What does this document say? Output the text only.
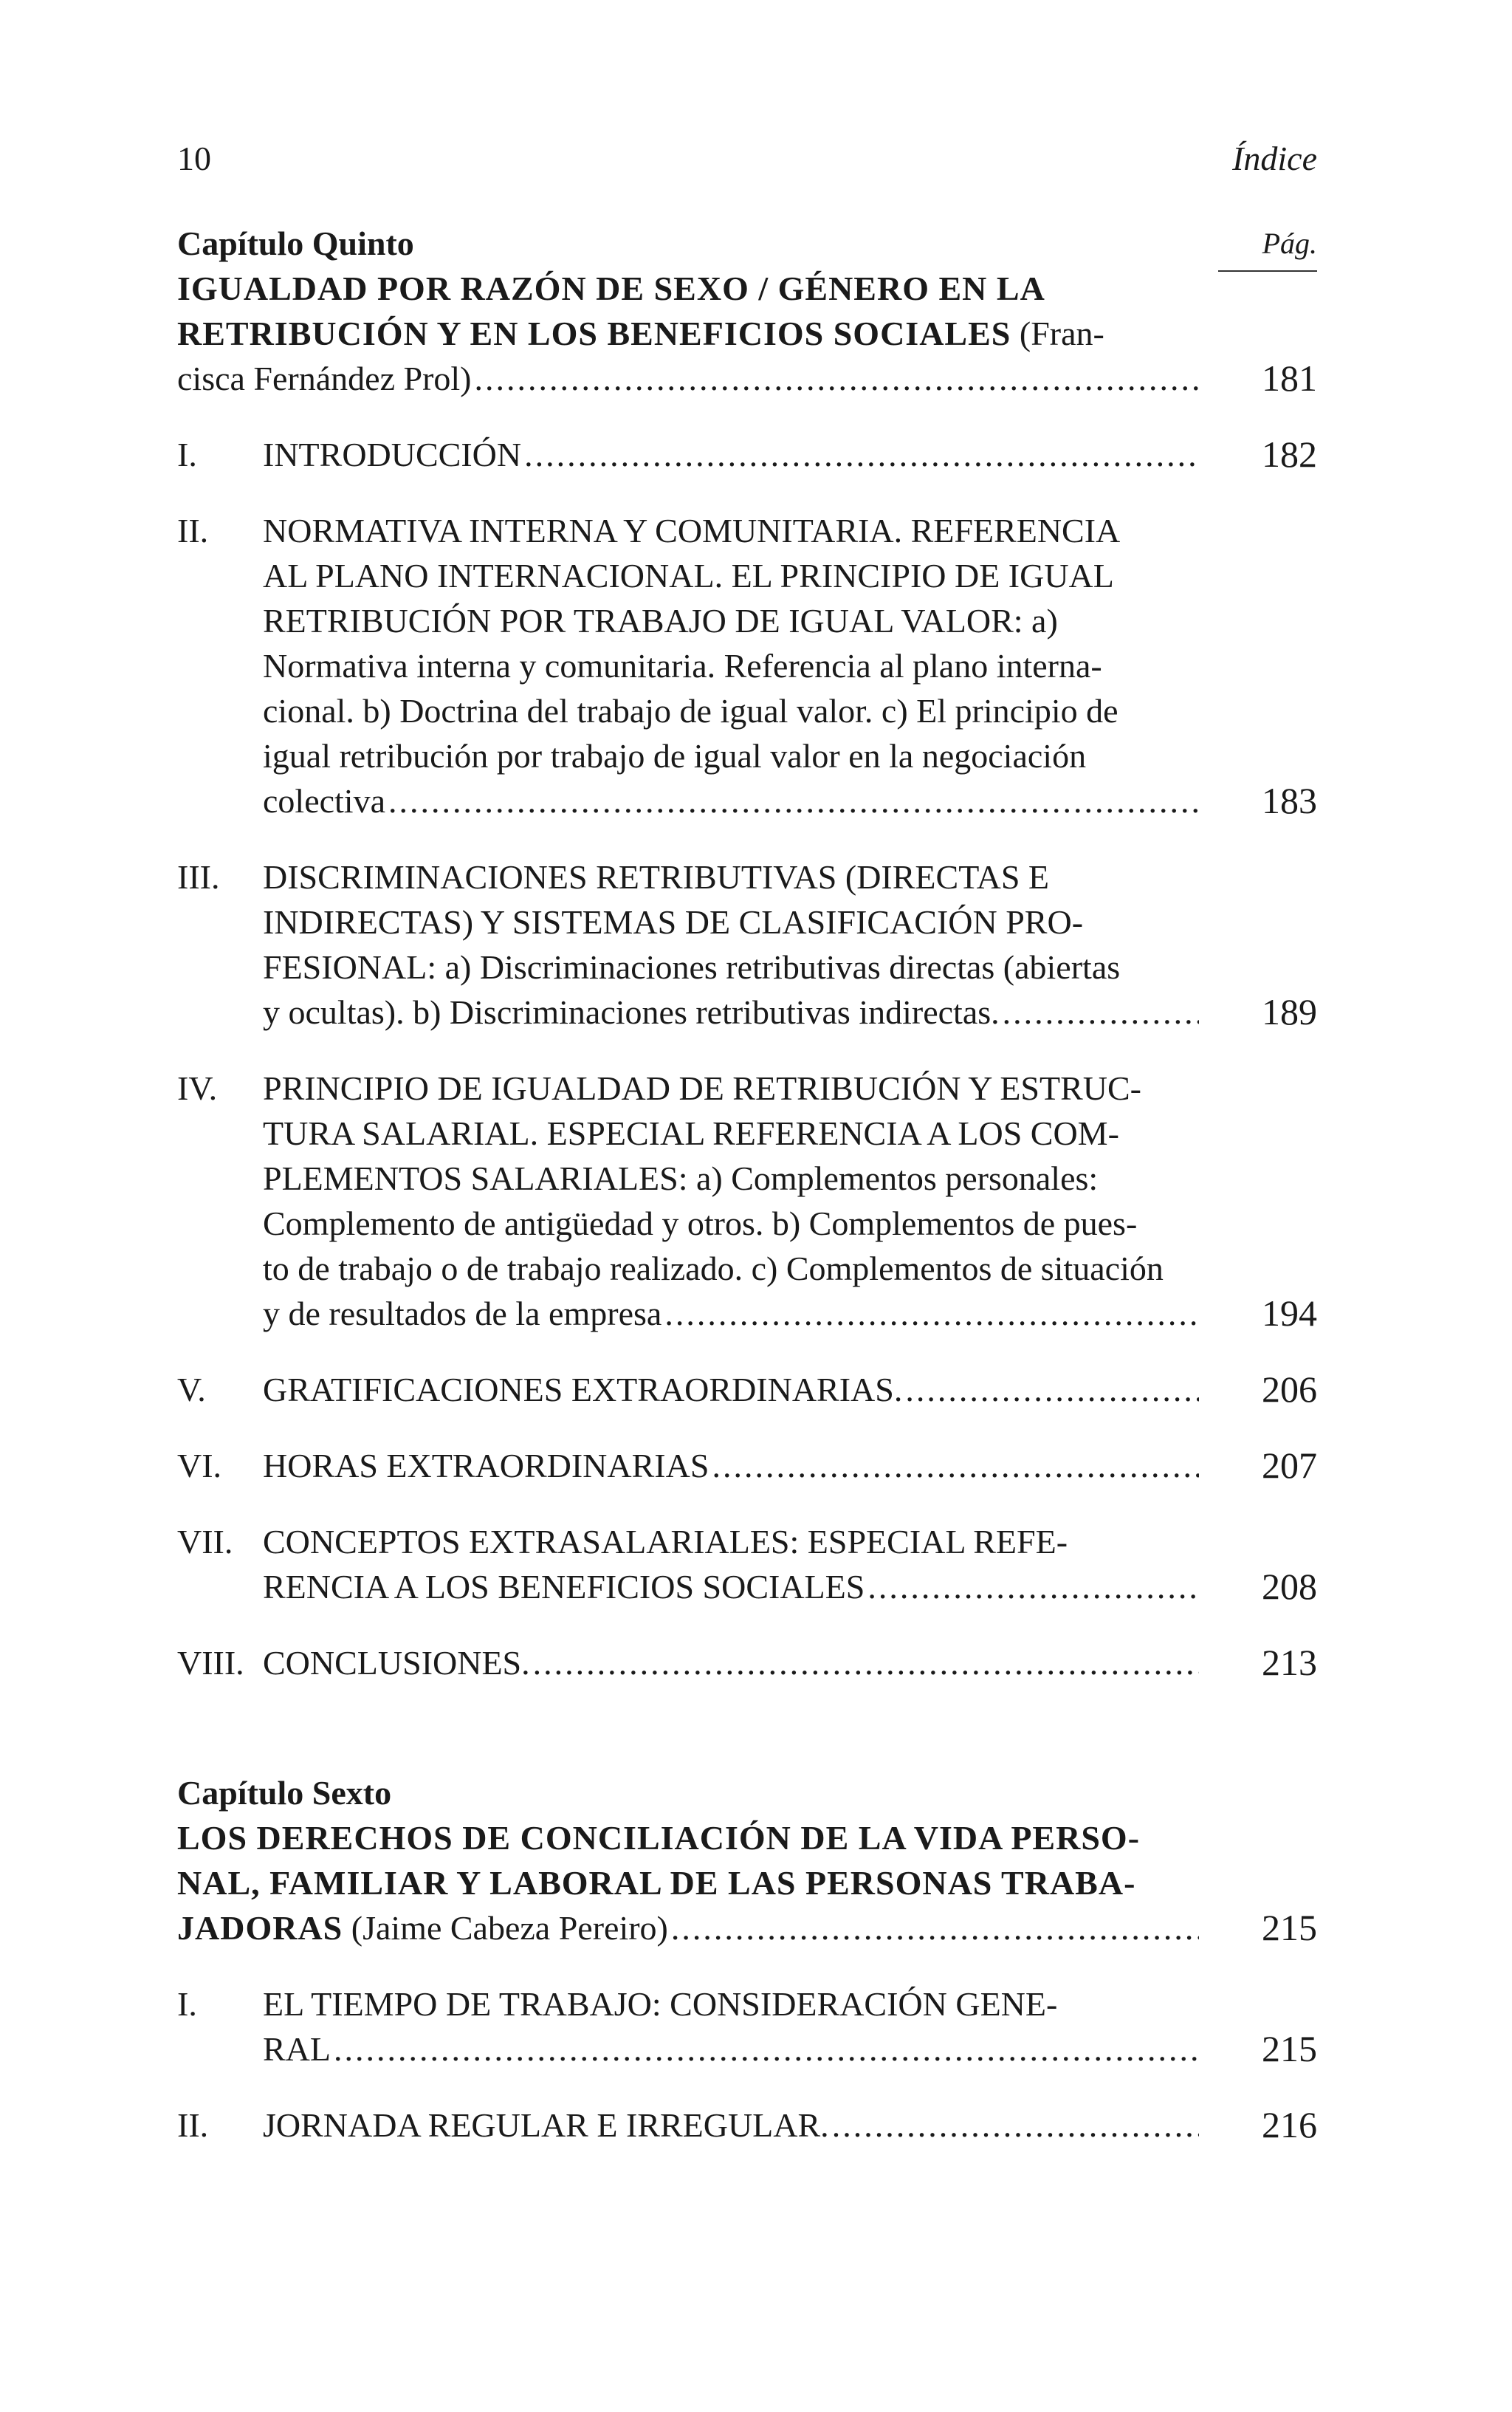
10	Índice
Pág.
Capítulo Quinto
IGUALDAD POR RAZÓN DE SEXO / GÉNERO EN LA
RETRIBUCIÓN Y EN LOS BENEFICIOS SOCIALES (Fran-
cisca Fernández Prol) .....	181
I.	INTRODUCCIÓN .....	182
II.	NORMATIVA INTERNA Y COMUNITARIA. REFERENCIA
AL PLANO INTERNACIONAL. EL PRINCIPIO DE IGUAL
RETRIBUCIÓN POR TRABAJO DE IGUAL VALOR: a)
Normativa interna y comunitaria. Referencia al plano interna-
cional. b) Doctrina del trabajo de igual valor. c) El principio de
igual retribución por trabajo de igual valor en la negociación
colectiva .....	183
III.	DISCRIMINACIONES RETRIBUTIVAS (DIRECTAS E
INDIRECTAS) Y SISTEMAS DE CLASIFICACIÓN PRO-
FESIONAL: a) Discriminaciones retributivas directas (abiertas
y ocultas). b) Discriminaciones retributivas indirectas. .....	189
IV.	PRINCIPIO DE IGUALDAD DE RETRIBUCIÓN Y ESTRUC-
TURA SALARIAL. ESPECIAL REFERENCIA A LOS COM-
PLEMENTOS SALARIALES: a) Complementos personales:
Complemento de antigüedad y otros. b) Complementos de pues-
to de trabajo o de trabajo realizado. c) Complementos de situación
y de resultados de la empresa .....	194
V.	GRATIFICACIONES EXTRAORDINARIAS. .....	206
VI.	HORAS EXTRAORDINARIAS .....	207
VII. CONCEPTOS EXTRASALARIALES: ESPECIAL REFE-
RENCIA A LOS BENEFICIOS SOCIALES .....	208
VIII. CONCLUSIONES. .....	213
Capítulo Sexto
LOS DERECHOS DE CONCILIACIÓN DE LA VIDA PERSO-
NAL, FAMILIAR Y LABORAL DE LAS PERSONAS TRABA-
JADORAS (Jaime Cabeza Pereiro) .....	215
I.	EL TIEMPO DE TRABAJO: CONSIDERACIÓN GENE-
RAL .....	215
II.	JORNADA REGULAR E IRREGULAR. .....	216
